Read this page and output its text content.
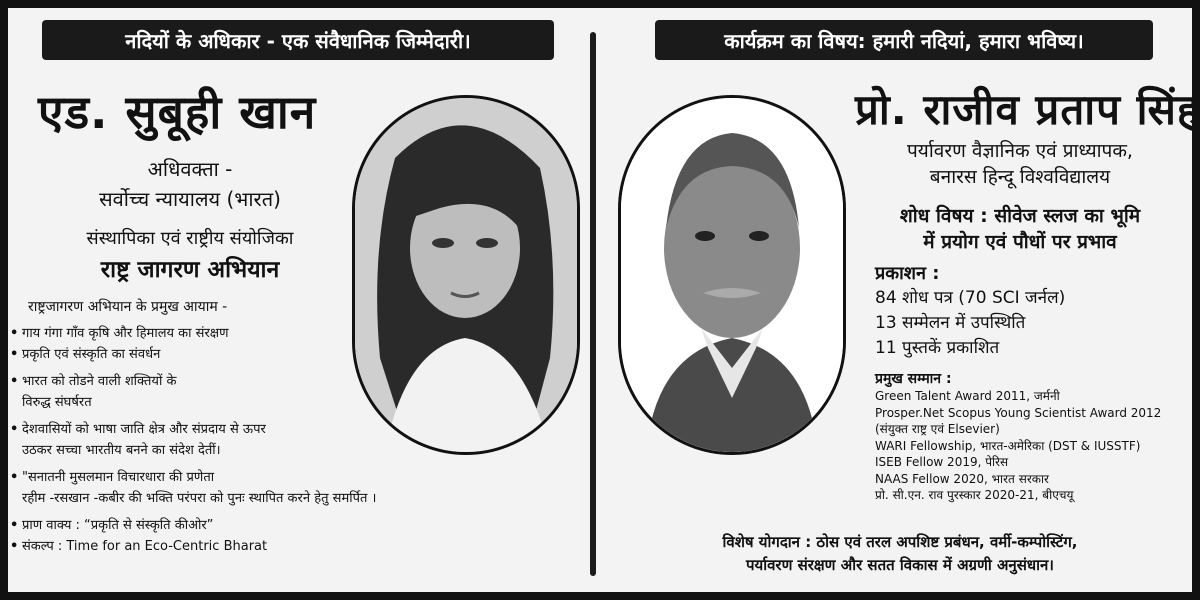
नदियों के अधिकार - एक संवैधानिक जिम्मेदारी।	कार्यक्रम का विषय: हमारी नदियां, हमारा भविष्य।
एड. सुबूही खान
अधिवक्ता -
सर्वोच्च न्यायालय (भारत)
संस्थापिका एवं राष्ट्रीय संयोजिका
राष्ट्र जागरण अभियान
राष्ट्रजागरण अभियान के प्रमुख आयाम -
• गाय गंगा गाँव कृषि और हिमालय का संरक्षण
• प्रकृति एवं संस्कृति का संवर्धन
• भारत को तोडने वाली शक्तियों के
विरुद्ध संघर्षरत
• देशवासियों को भाषा जाति क्षेत्र और संप्रदाय से ऊपर
उठकर सच्चा भारतीय बनने का संदेश देतीं।
• "सनातनी मुसलमान विचारधारा की प्रणेता
रहीम -रसखान -कबीर की भक्ति परंपरा को पुनः स्थापित करने हेतु समर्पित ।
• प्राण वाक्य : “प्रकृति से संस्कृति कीओर”
• संकल्प : Time for an Eco-Centric Bharat
प्रो. राजीव प्रताप सिंह
पर्यावरण वैज्ञानिक एवं प्राध्यापक,
बनारस हिन्दू विश्वविद्यालय
शोध विषय : सीवेज स्लज का भूमि
में प्रयोग एवं पौधों पर प्रभाव
प्रकाशन :
84 शोध पत्र (70 SCI जर्नल)
13 सम्मेलन में उपस्थिति
11 पुस्तकें प्रकाशित
प्रमुख सम्मान :
Green Talent Award 2011, जर्मनी
Prosper.Net Scopus Young Scientist Award 2012
(संयुक्त राष्ट्र एवं Elsevier)
WARI Fellowship, भारत-अमेरिका (DST & IUSSTF)
ISEB Fellow 2019, पेरिस
NAAS Fellow 2020, भारत सरकार
प्रो. सी.एन. राव पुरस्कार 2020-21, बीएचयू
विशेष योगदान : ठोस एवं तरल अपशिष्ट प्रबंधन, वर्मी-कम्पोस्टिंग,
पर्यावरण संरक्षण और सतत विकास में अग्रणी अनुसंधान।
